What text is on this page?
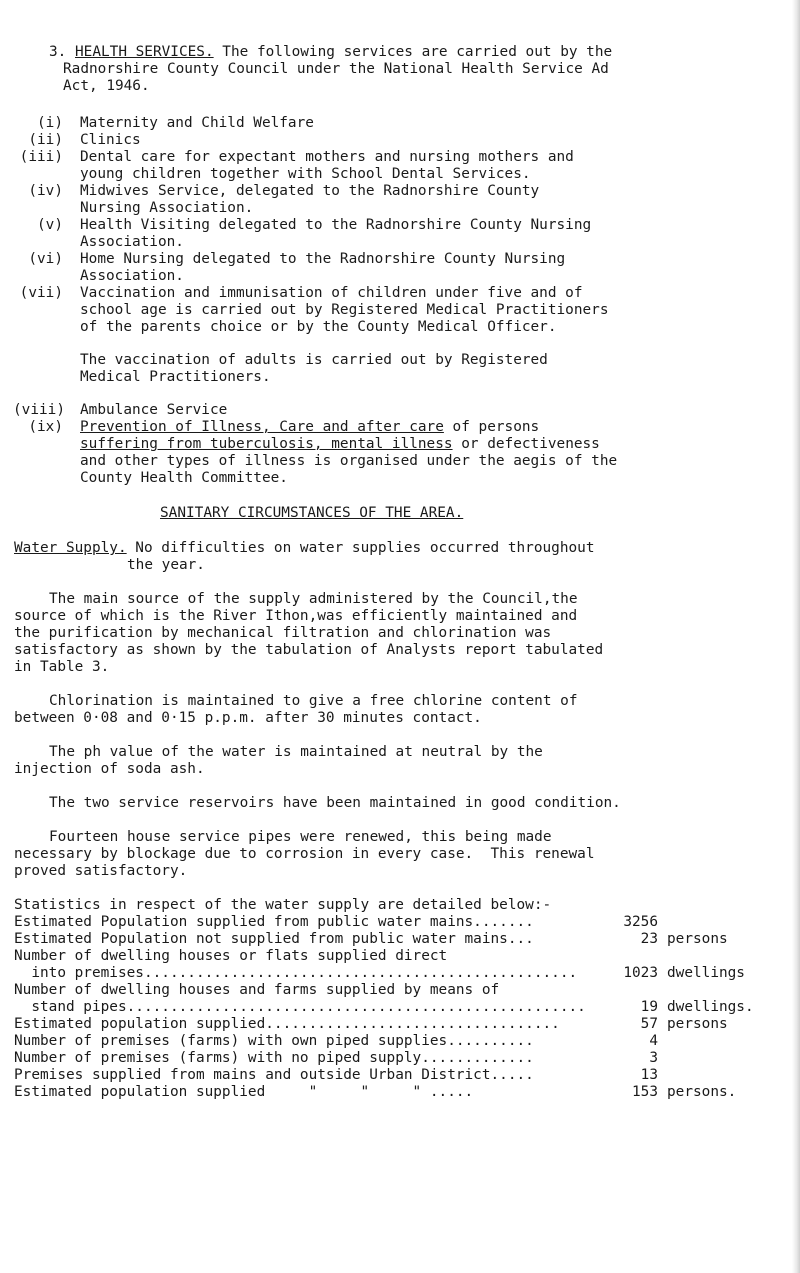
3. HEALTH SERVICES. The following services are carried out by the
Radnorshire County Council under the National Health Service Ad
Act, 1946.
(i) Maternity and Child Welfare
(ii) Clinics
(iii) Dental care for expectant mothers and nursing mothers and
young children together with School Dental Services.
(iv) Midwives Service, delegated to the Radnorshire County
Nursing Association.
(v) Health Visiting delegated to the Radnorshire County Nursing
Association.
(vi) Home Nursing delegated to the Radnorshire County Nursing
Association.
(vii) Vaccination and immunisation of children under five and of
school age is carried out by Registered Medical Practitioners
of the parents choice or by the County Medical Officer.
The vaccination of adults is carried out by Registered
Medical Practitioners.
(viii) Ambulance Service
(ix) Prevention of Illness, Care and after care of persons
suffering from tuberculosis, mental illness or defectiveness
and other types of illness is organised under the aegis of the
County Health Committee.
SANITARY CIRCUMSTANCES OF THE AREA.
Water Supply. No difficulties on water supplies occurred throughout
the year.
The main source of the supply administered by the Council,the
source of which is the River Ithon,was efficiently maintained and
the purification by mechanical filtration and chlorination was
satisfactory as shown by the tabulation of Analysts report tabulated
in Table 3.
Chlorination is maintained to give a free chlorine content of
between 0·08 and 0·15 p.p.m. after 30 minutes contact.
The ph value of the water is maintained at neutral by the
injection of soda ash.
The two service reservoirs have been maintained in good condition.
Fourteen house service pipes were renewed, this being made
necessary by blockage due to corrosion in every case.  This renewal
proved satisfactory.
Statistics in respect of the water supply are detailed below:-
Estimated Population supplied from public water mains.......	3256
Estimated Population not supplied from public water mains...	23 persons
Number of dwelling houses or flats supplied direct
into premises..................................................	1023 dwellings
Number of dwelling houses and farms supplied by means of
stand pipes.....................................................	19 dwellings.
Estimated population supplied..................................	57 persons
Number of premises (farms) with own piped supplies..........	4
Number of premises (farms) with no piped supply.............	3
Premises supplied from mains and outside Urban District.....	13
Estimated population supplied     "     "     " .....	153 persons.
